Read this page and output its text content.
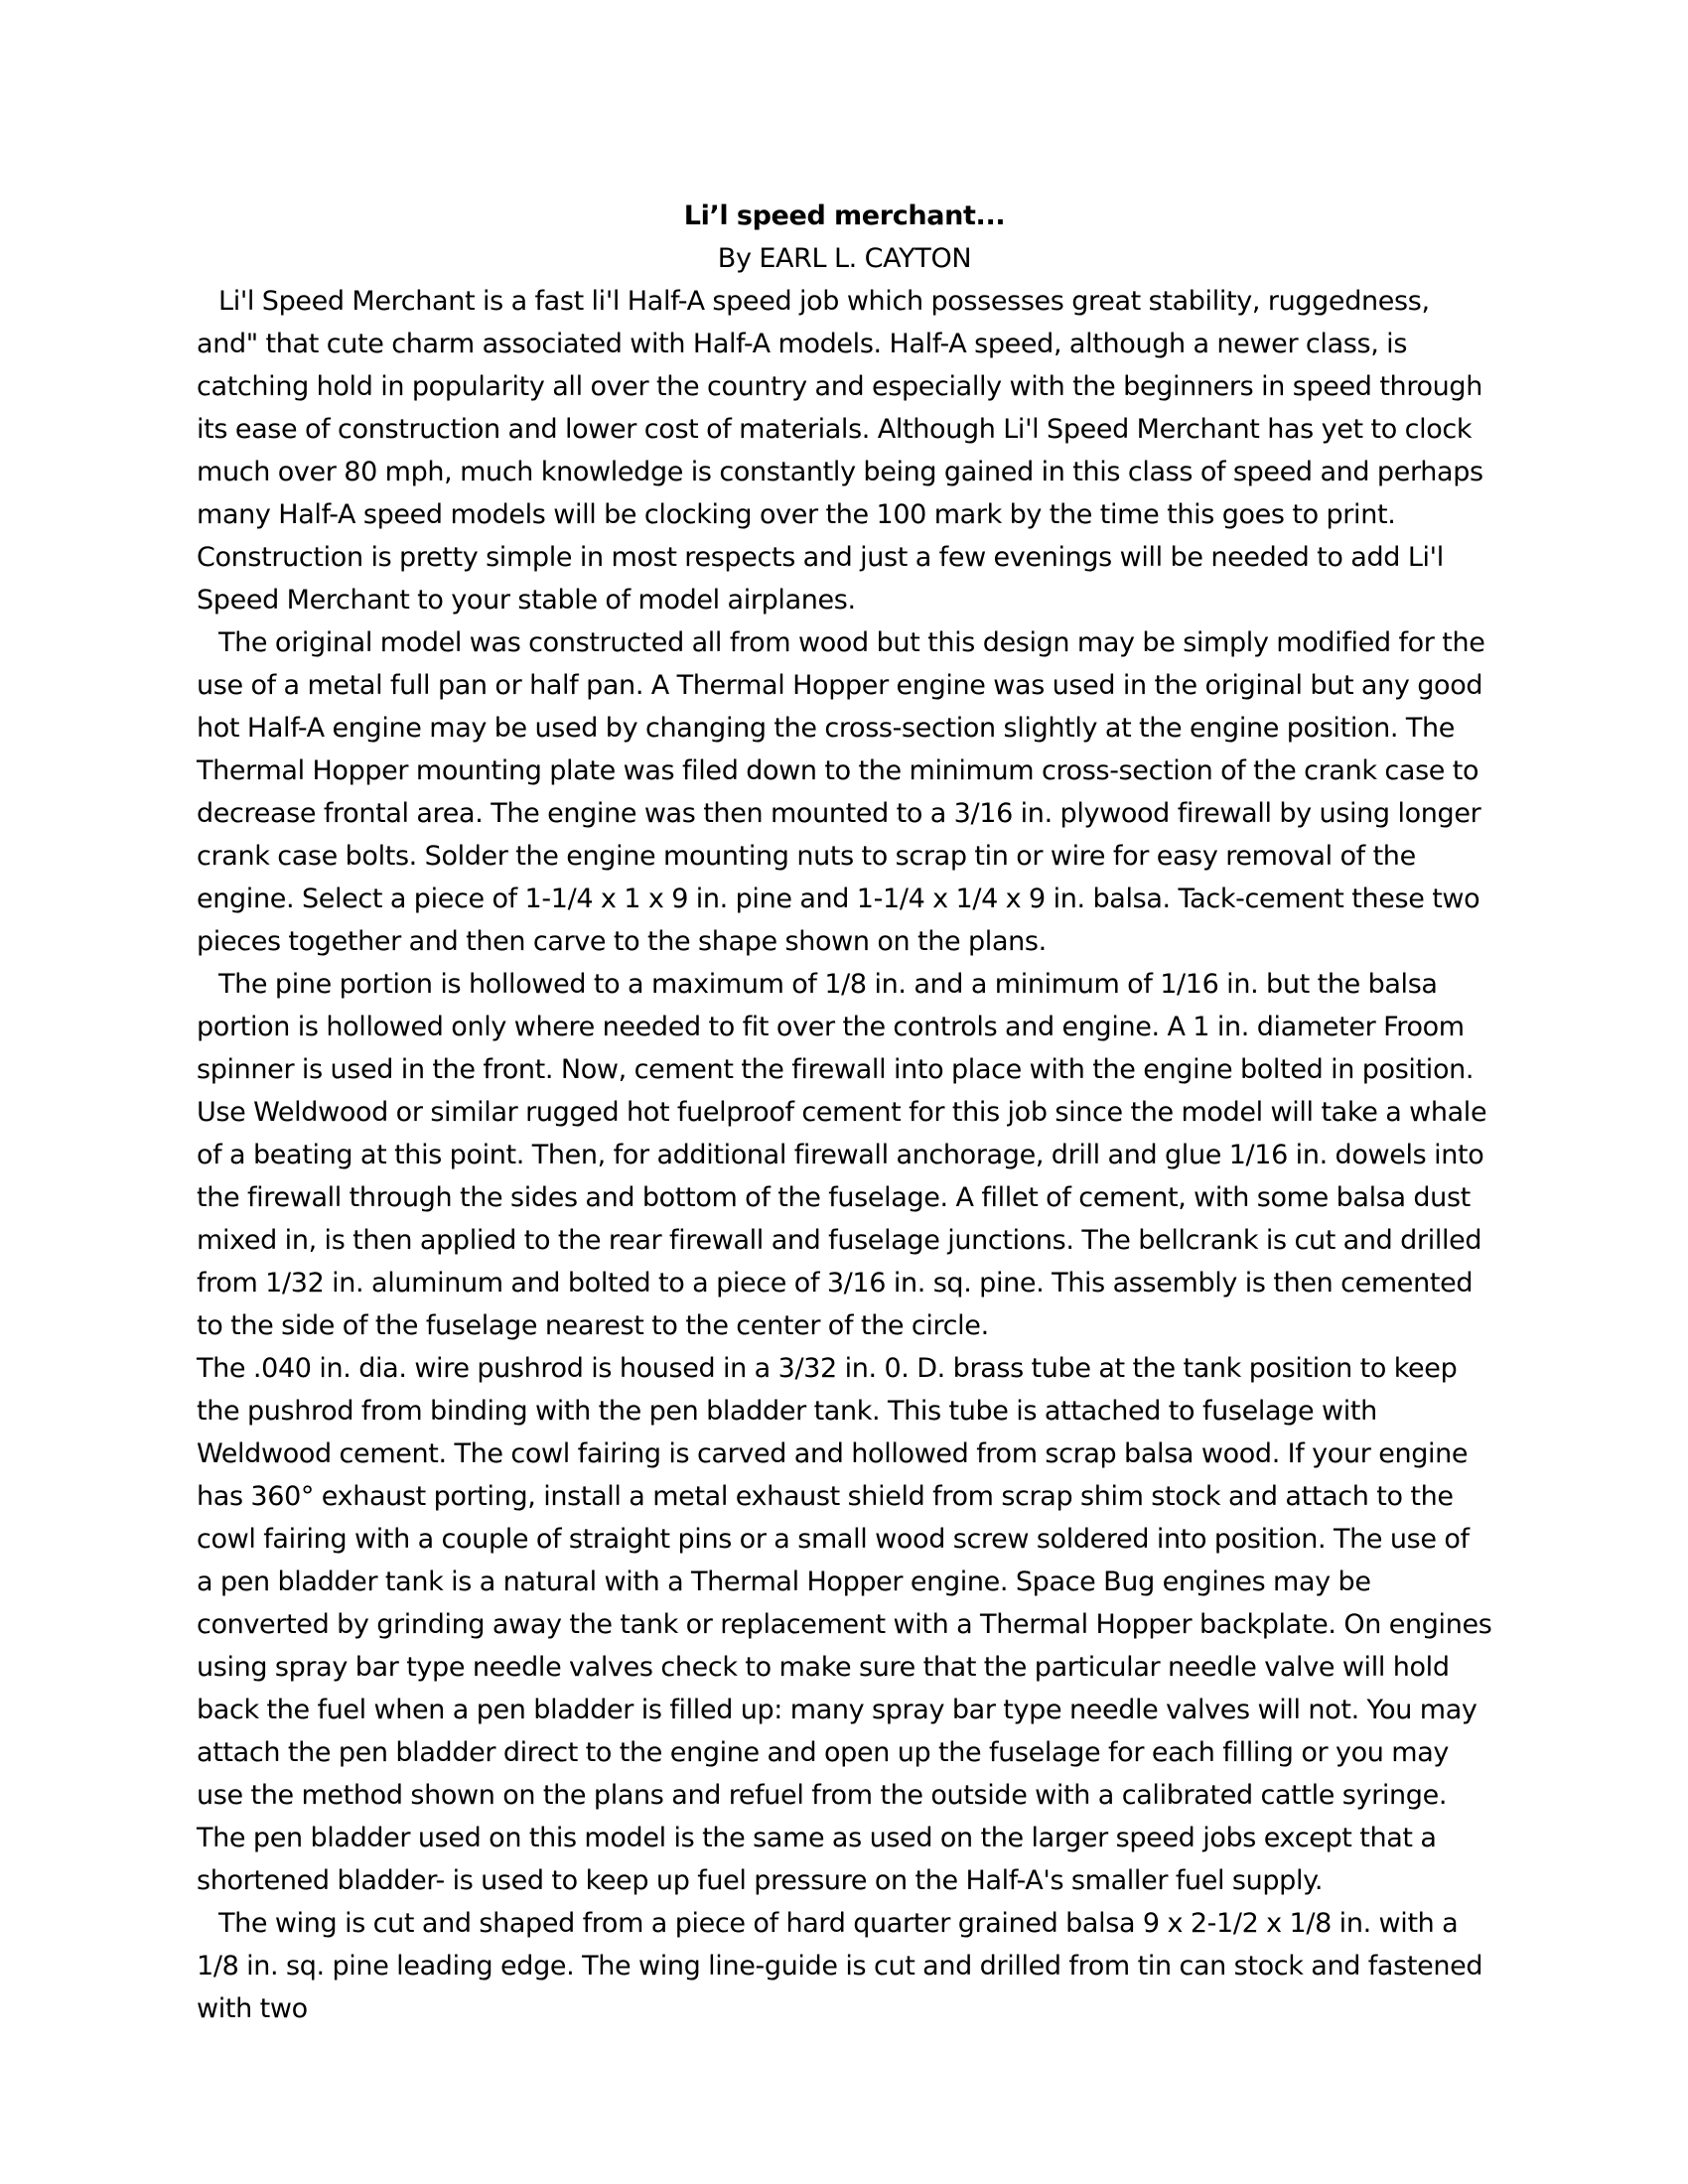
Li’l speed merchant...

By EARL L. CAYTON

Li'l Speed Merchant is a fast li'l Half-A speed job which possesses great stability, ruggedness, and" that cute charm associated with Half-A models. Half-A speed, although a newer class, is catching hold in popularity all over the country and especially with the beginners in speed through its ease of construction and lower cost of materials. Although Li'l Speed Merchant has yet to clock much over 80 mph, much knowledge is constantly being gained in this class of speed and perhaps many Half-A speed models will be clocking over the 100 mark by the time this goes to print. Construction is pretty simple in most respects and just a few evenings will be needed to add Li'l Speed Merchant to your stable of model airplanes.

The original model was constructed all from wood but this design may be simply modified for the use of a metal full pan or half pan. A Thermal Hopper engine was used in the original but any good hot Half-A engine may be used by changing the cross-section slightly at the engine position. The Thermal Hopper mounting plate was filed down to the minimum cross-section of the crank case to decrease frontal area. The engine was then mounted to a 3/16 in. plywood firewall by using longer crank case bolts. Solder the engine mounting nuts to scrap tin or wire for easy removal of the engine. Select a piece of 1-1/4 x 1 x 9 in. pine and 1-1/4 x 1/4 x 9 in. balsa. Tack-cement these two pieces together and then carve to the shape shown on the plans.

The pine portion is hollowed to a maximum of 1/8 in. and a minimum of 1/16 in. but the balsa portion is hollowed only where needed to fit over the controls and engine. A 1 in. diameter Froom spinner is used in the front. Now, cement the firewall into place with the engine bolted in position. Use Weldwood or similar rugged hot fuelproof cement for this job since the model will take a whale of a beating at this point. Then, for additional firewall anchorage, drill and glue 1/16 in. dowels into the firewall through the sides and bottom of the fuselage. A fillet of cement, with some balsa dust mixed in, is then applied to the rear firewall and fuselage junctions. The bellcrank is cut and drilled from 1/32 in. aluminum and bolted to a piece of 3/16 in. sq. pine. This assembly is then cemented to the side of the fuselage nearest to the center of the circle.

The .040 in. dia. wire pushrod is housed in a 3/32 in. 0. D. brass tube at the tank position to keep the pushrod from binding with the pen bladder tank. This tube is attached to fuselage with Weldwood cement. The cowl fairing is carved and hollowed from scrap balsa wood. If your engine has 360° exhaust porting, install a metal exhaust shield from scrap shim stock and attach to the cowl fairing with a couple of straight pins or a small wood screw soldered into position. The use of a pen bladder tank is a natural with a Thermal Hopper engine. Space Bug engines may be converted by grinding away the tank or replacement with a Thermal Hopper backplate. On engines using spray bar type needle valves check to make sure that the particular needle valve will hold back the fuel when a pen bladder is filled up: many spray bar type needle valves will not. You may attach the pen bladder direct to the engine and open up the fuselage for each filling or you may use the method shown on the plans and refuel from the outside with a calibrated cattle syringe. The pen bladder used on this model is the same as used on the larger speed jobs except that a shortened bladder- is used to keep up fuel pressure on the Half-A's smaller fuel supply.

The wing is cut and shaped from a piece of hard quarter grained balsa 9 x 2-1/2 x 1/8 in. with a 1/8 in. sq. pine leading edge. The wing line-guide is cut and drilled from tin can stock and fastened with two
